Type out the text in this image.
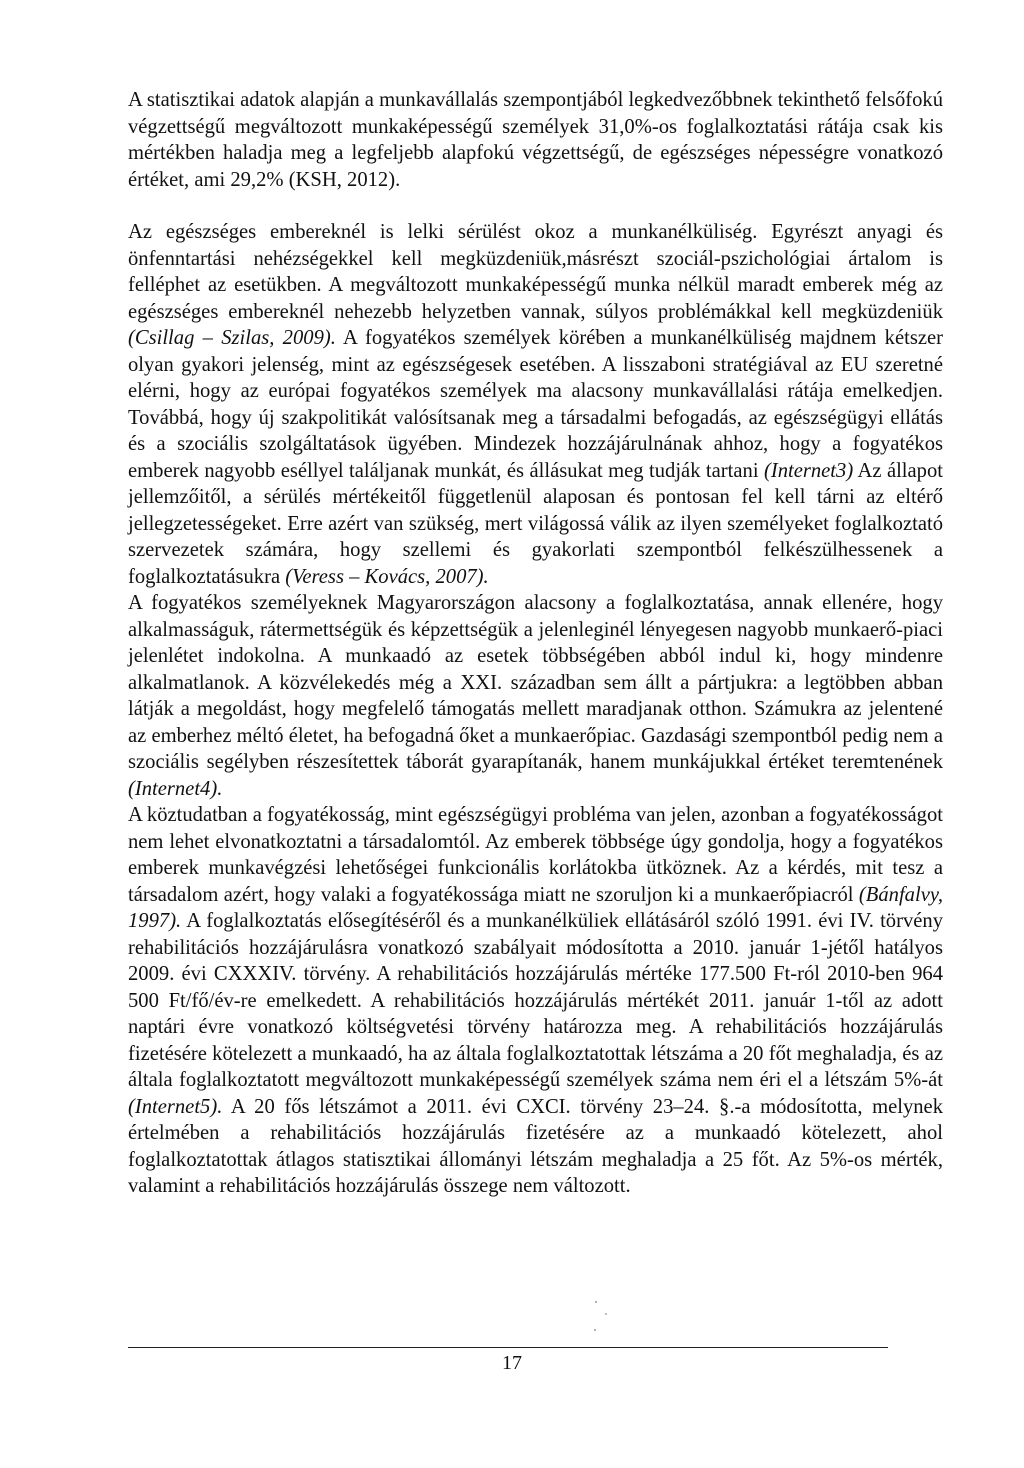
A statisztikai adatok alapján a munkavállalás szempontjából legkedvezőbbnek tekinthető felsőfokú végzettségű megváltozott munkaképességű személyek 31,0%-os foglalkoztatási rátája csak kis mértékben haladja meg a legfeljebb alapfokú végzettségű, de egészséges népességre vonatkozó értéket, ami 29,2% (KSH, 2012).

Az egészséges embereknél is lelki sérülést okoz a munkanélküliség. Egyrészt anyagi és önfenntartási nehézségekkel kell megküzdeniük,másrészt szociál-pszichológiai ártalom is felléphet az esetükben. A megváltozott munkaképességű munka nélkül maradt emberek még az egészséges embereknél nehezebb helyzetben vannak, súlyos problémákkal kell megküzdeniük (Csillag – Szilas, 2009). A fogyatékos személyek körében a munkanélküliség majdnem kétszer olyan gyakori jelenség, mint az egészségesek esetében. A lisszaboni stratégiával az EU szeretné elérni, hogy az európai fogyatékos személyek ma alacsony munkavállalási rátája emelkedjen. Továbbá, hogy új szakpolitikát valósítsanak meg a társadalmi befogadás, az egészségügyi ellátás és a szociális szolgáltatások ügyében. Mindezek hozzájárulnának ahhoz, hogy a fogyatékos emberek nagyobb eséllyel találjanak munkát, és állásukat meg tudják tartani (Internet3) Az állapot jellemzőitől, a sérülés mértékeitől függetlenül alaposan és pontosan fel kell tárni az eltérő jellegzetességeket. Erre azért van szükség, mert világossá válik az ilyen személyeket foglalkoztató szervezetek számára, hogy szellemi és gyakorlati szempontból felkészülhessenek a foglalkoztatásukra (Veress – Kovács, 2007).

A fogyatékos személyeknek Magyarországon alacsony a foglalkoztatása, annak ellenére, hogy alkalmasságuk, rátermettségük és képzettségük a jelenleginél lényegesen nagyobb munkaerő-piaci jelenlétet indokolna. A munkaadó az esetek többségében abból indul ki, hogy mindenre alkalmatlanok. A közvélekedés még a XXI. században sem állt a pártjukra: a legtöbben abban látják a megoldást, hogy megfelelő támogatás mellett maradjanak otthon. Számukra az jelentené az emberhez méltó életet, ha befogadná őket a munkaerőpiac. Gazdasági szempontból pedig nem a szociális segélyben részesítettek táborát gyarapítanák, hanem munkájukkal értéket teremtenének (Internet4).

A köztudatban a fogyatékosság, mint egészségügyi probléma van jelen, azonban a fogyatékosságot nem lehet elvonatkoztatni a társadalomtól. Az emberek többsége úgy gondolja, hogy a fogyatékos emberek munkavégzési lehetőségei funkcionális korlátokba ütköznek. Az a kérdés, mit tesz a társadalom azért, hogy valaki a fogyatékossága miatt ne szoruljon ki a munkaerőpiacról (Bánfalvy, 1997). A foglalkoztatás elősegítéséről és a munkanélküliek ellátásáról szóló 1991. évi IV. törvény rehabilitációs hozzájárulásra vonatkozó szabályait módosította a 2010. január 1-jétől hatályos 2009. évi CXXXIV. törvény. A rehabilitációs hozzájárulás mértéke 177.500 Ft-ról 2010-ben 964 500 Ft/fő/év-re emelkedett. A rehabilitációs hozzájárulás mértékét 2011. január 1-től az adott naptári évre vonatkozó költségvetési törvény határozza meg. A rehabilitációs hozzájárulás fizetésére kötelezett a munkaadó, ha az általa foglalkoztatottak létszáma a 20 főt meghaladja, és az általa foglalkoztatott megváltozott munkaképességű személyek száma nem éri el a létszám 5%-át (Internet5). A 20 fős létszámot a 2011. évi CXCI. törvény 23–24. §.-a módosította, melynek értelmében a rehabilitációs hozzájárulás fizetésére az a munkaadó kötelezett, ahol foglalkoztatottak átlagos statisztikai állományi létszám meghaladja a 25 főt. Az 5%-os mérték, valamint a rehabilitációs hozzájárulás összege nem változott.

17
